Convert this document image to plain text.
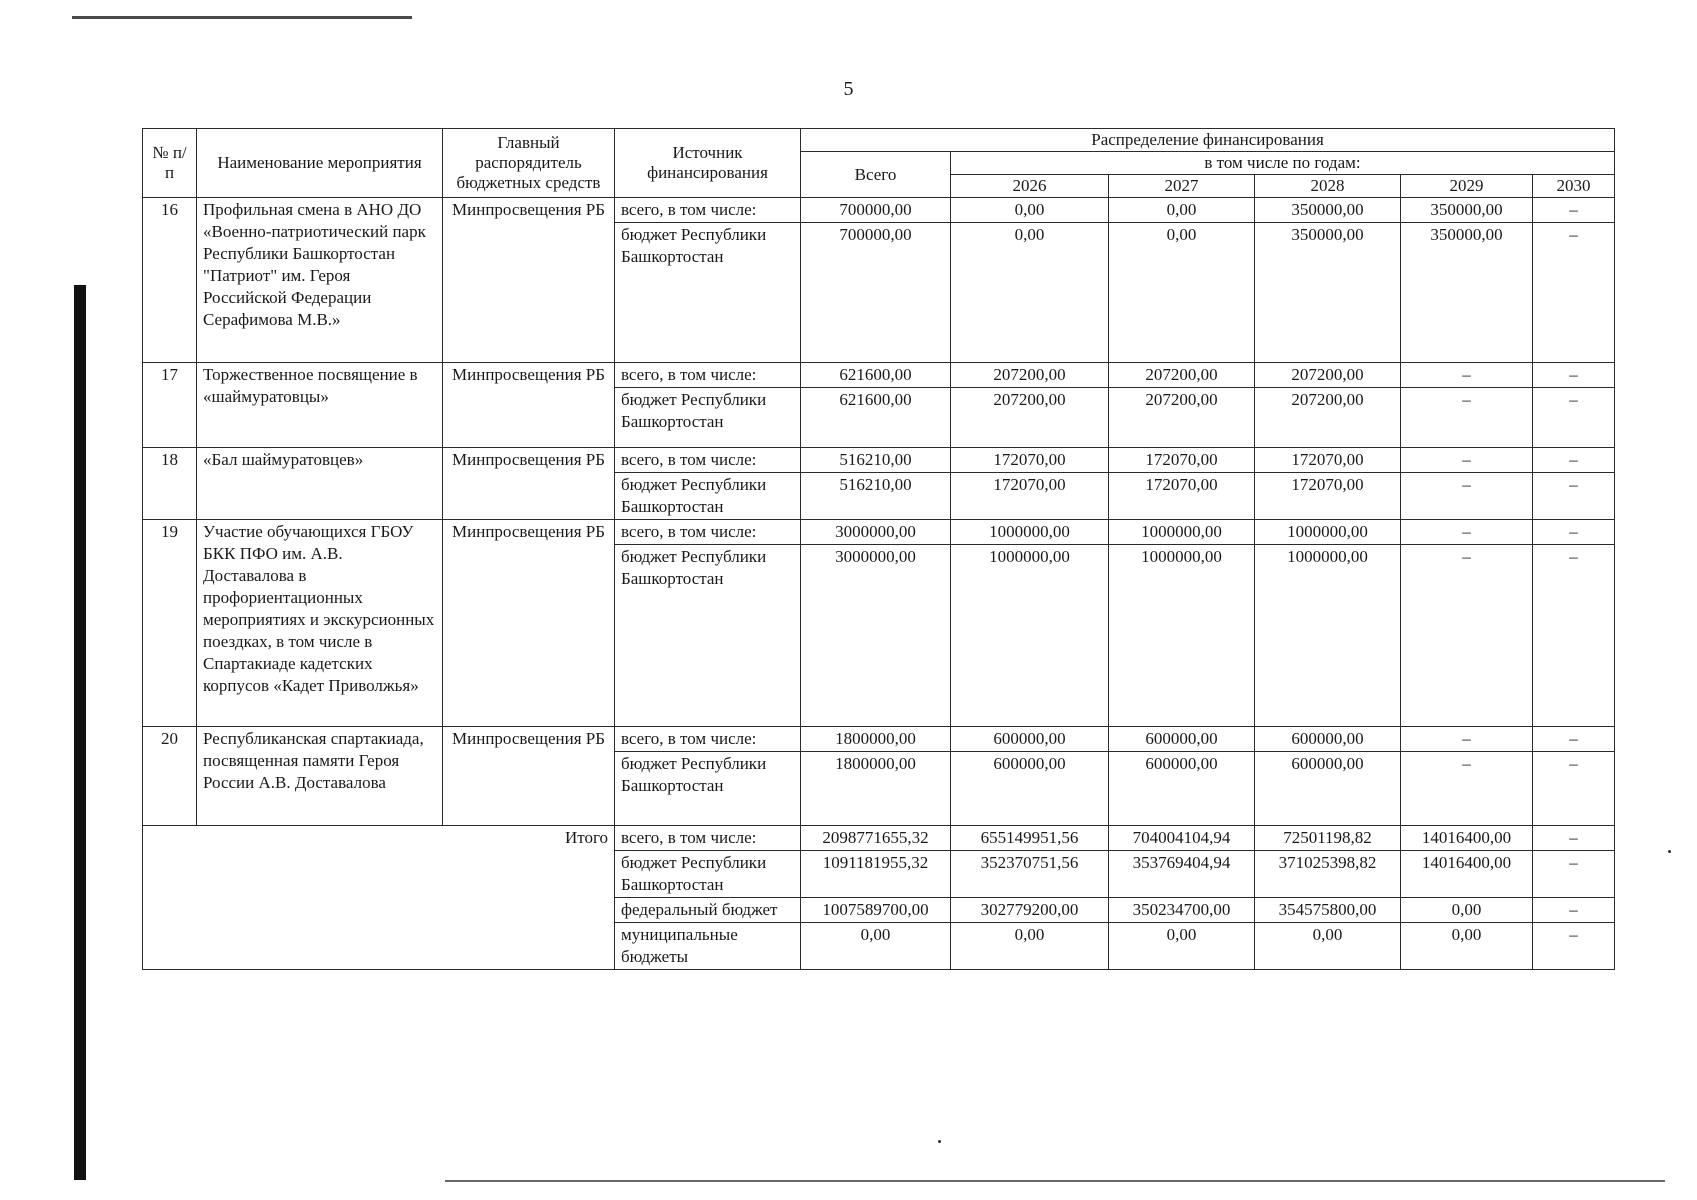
5
№ п/п	Наименование мероприятия	Главный распорядитель бюджетных средств	Источник финансирования	Распределение финансирования					
				Всего	в том числе по годам:				
					2026	2027	2028	2029	2030
16	Профильная смена в АНО ДО «Военно-патриотический парк Республики Башкортостан "Патриот" им. Героя Российской Федерации Серафимова М.В.»	Минпросвещения РБ	всего, в том числе:	700000,00	0,00	0,00	350000,00	350000,00	–
			бюджет Республики Башкортостан	700000,00	0,00	0,00	350000,00	350000,00	–
17	Торжественное посвящение в «шаймуратовцы»	Минпросвещения РБ	всего, в том числе:	621600,00	207200,00	207200,00	207200,00	–	–
			бюджет Республики Башкортостан	621600,00	207200,00	207200,00	207200,00	–	–
18	«Бал шаймуратовцев»	Минпросвещения РБ	всего, в том числе:	516210,00	172070,00	172070,00	172070,00	–	–
			бюджет Республики Башкортостан	516210,00	172070,00	172070,00	172070,00	–	–
19	Участие обучающихся ГБОУ БКК ПФО им. А.В. Доставалова в профориентационных мероприятиях и экскурсионных поездках, в том числе в Спартакиаде кадетских корпусов «Кадет Приволжья»	Минпросвещения РБ	всего, в том числе:	3000000,00	1000000,00	1000000,00	1000000,00	–	–
			бюджет Республики Башкортостан	3000000,00	1000000,00	1000000,00	1000000,00	–	–
20	Республиканская спартакиада, посвященная памяти Героя России А.В. Доставалова	Минпросвещения РБ	всего, в том числе:	1800000,00	600000,00	600000,00	600000,00	–	–
			бюджет Республики Башкортостан	1800000,00	600000,00	600000,00	600000,00	–	–
Итого			всего, в том числе:	2098771655,32	655149951,56	704004104,94	72501198,82	14016400,00	–
			бюджет Республики Башкортостан	1091181955,32	352370751,56	353769404,94	371025398,82	14016400,00	–
			федеральный бюджет	1007589700,00	302779200,00	350234700,00	354575800,00	0,00	–
			муниципальные бюджеты	0,00	0,00	0,00	0,00	0,00	–
